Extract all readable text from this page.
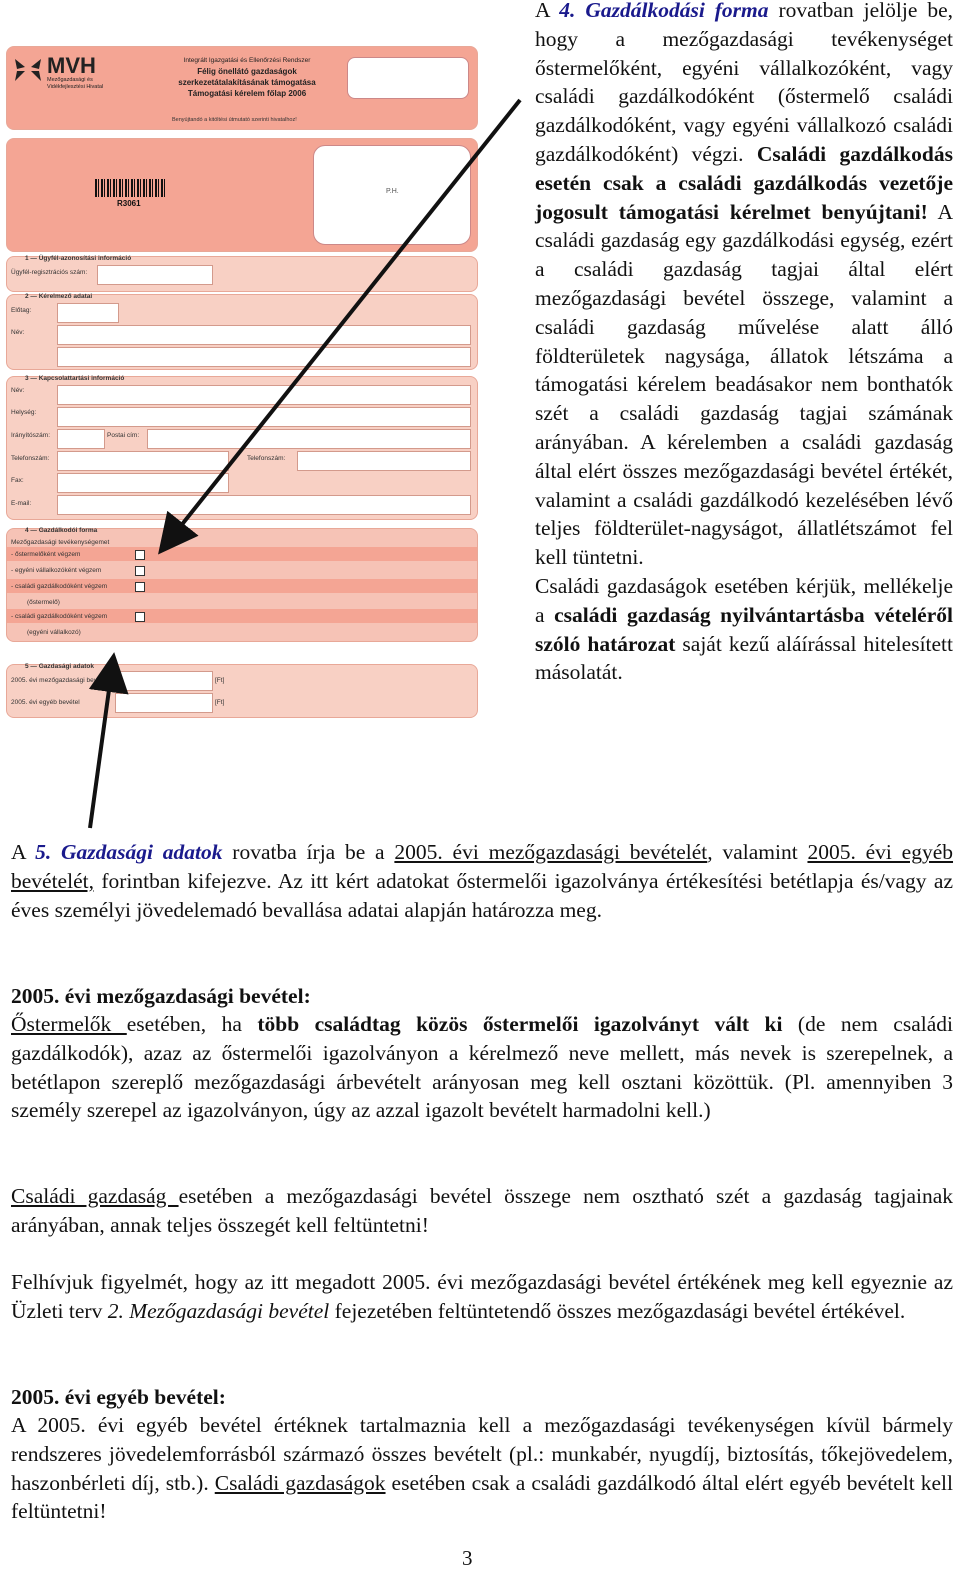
MVH
Mezőgazdasági és Vidékfejlesztési Hivatal
Integrált Igazgatási és Ellenőrzési Rendszer
Félig önellátó gazdaságok
szerkezetátalakításának támogatása
Támogatási kérelem főlap 2006
Benyújtandó a kitöltési útmutató szerinti hivatalhoz!
R3061
P.H.
1 — Ügyfél-azonosítási információ
Ügyfél-regisztrációs szám:
2 — Kérelmező adatai
Előtag:
Név:
3 — Kapcsolattartási információ
Név:
Helység:
Irányítószám:	Postai cím:
Telefonszám:	Telefonszám:
Fax:
E-mail:
4 — Gazdálkodói forma
Mezőgazdasági tevékenységemet
- őstermelőként végzem
- egyéni vállalkozóként végzem
- családi gazdálkodóként végzem
(őstermelő)
- családi gazdálkodóként végzem
(egyéni vállalkozó)
5 — Gazdasági adatok
2005. évi mezőgazdasági bevétel	[Ft]
2005. évi egyéb bevétel	[Ft]
A 4. Gazdálkodási forma rovatban jelölje be, hogy a mezőgazdasági tevékenységet őstermelőként, egyéni vállalkozóként, vagy családi gazdálkodóként (őstermelő családi gazdálkodóként, vagy egyéni vállalkozó családi gazdálkodóként) végzi. Családi gazdálkodás esetén csak a családi gazdálkodás vezetője jogosult támogatási kérelmet benyújtani! A családi gazdaság egy gazdálkodási egység, ezért a családi gazdaság tagjai által elért mezőgazdasági bevétel összege, valamint a családi gazdaság művelése alatt álló földterületek nagysága, állatok létszáma a támogatási kérelem beadásakor nem bonthatók szét a családi gazdaság tagjai számának arányában. A kérelemben a családi gazdaság által elért összes mezőgazdasági bevétel értékét, valamint a családi gazdálkodó kezelésében lévő teljes földterület-nagyságot, állatlétszámot fel kell tüntetni.
Családi gazdaságok esetében kérjük, mellékelje a családi gazdaság nyilvántartásba vételéről szóló határozat saját kezű aláírással hitelesített másolatát.
A 5. Gazdasági adatok rovatba írja be a 2005. évi mezőgazdasági bevételét, valamint 2005. évi egyéb bevételét, forintban kifejezve. Az itt kért adatokat őstermelői igazolványa értékesítési betétlapja és/vagy az éves személyi jövedelemadó bevallása adatai alapján határozza meg.
2005. évi mezőgazdasági bevétel:
Őstermelők esetében, ha több családtag közös őstermelői igazolványt vált ki (de nem családi gazdálkodók), azaz az őstermelői igazolványon a kérelmező neve mellett, más nevek is szerepelnek, a betétlapon szereplő mezőgazdasági árbevételt arányosan meg kell osztani közöttük. (Pl. amennyiben 3 személy szerepel az igazolványon, úgy az azzal igazolt bevételt harmadolni kell.)
Családi gazdaság esetében a mezőgazdasági bevétel összege nem osztható szét a gazdaság tagjainak arányában, annak teljes összegét kell feltüntetni!
Felhívjuk figyelmét, hogy az itt megadott 2005. évi mezőgazdasági bevétel értékének meg kell egyeznie az Üzleti terv 2. Mezőgazdasági bevétel fejezetében feltüntetendő összes mezőgazdasági bevétel értékével.
2005. évi egyéb bevétel:
A 2005. évi egyéb bevétel értéknek tartalmaznia kell a mezőgazdasági tevékenységen kívül bármely rendszeres jövedelemforrásból származó összes bevételt (pl.: munkabér, nyugdíj, biztosítás, tőkejövedelem, haszonbérleti díj, stb.). Családi gazdaságok esetében csak a családi gazdálkodó által elért egyéb bevételt kell feltüntetni!
3
